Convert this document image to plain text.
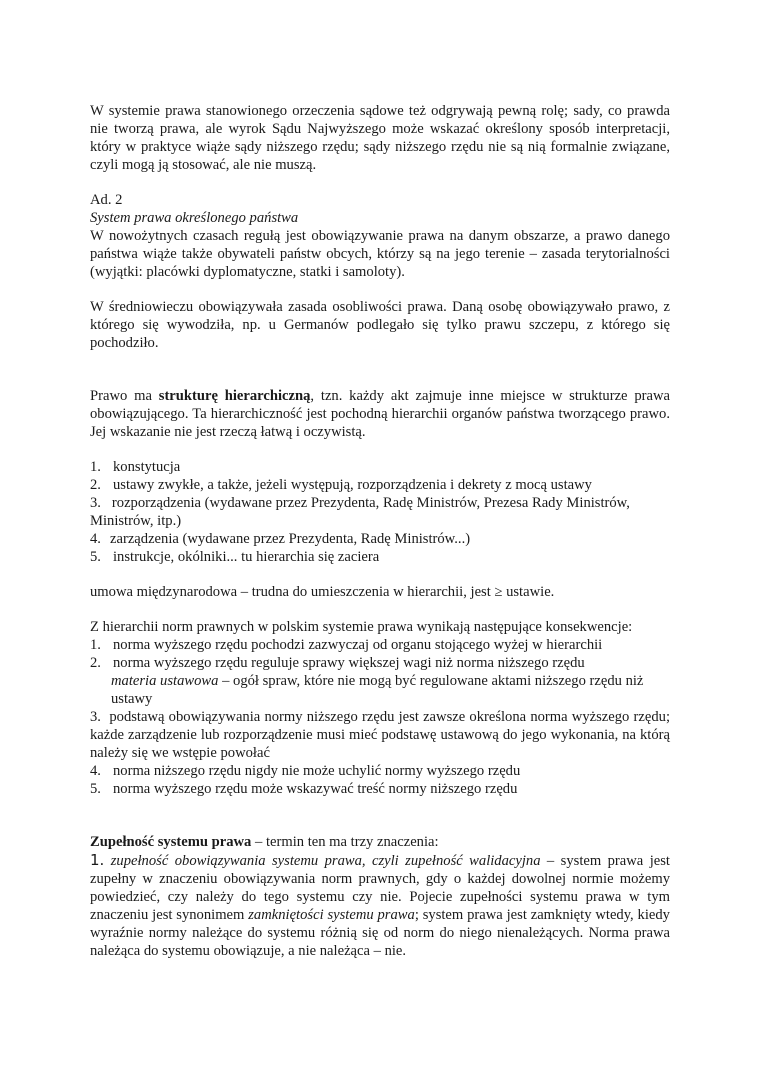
W systemie prawa stanowionego orzeczenia sądowe też odgrywają pewną rolę; sady, co prawda nie tworzą prawa, ale wyrok Sądu Najwyższego może wskazać określony sposób interpretacji, który w praktyce wiąże sądy niższego rzędu; sądy niższego rzędu nie są nią formalnie związane, czyli mogą ją stosować, ale nie muszą.

Ad. 2

System prawa określonego państwa

W nowożytnych czasach regułą jest obowiązywanie prawa na danym obszarze, a prawo danego państwa wiąże także obywateli państw obcych, którzy są na jego terenie – zasada terytorialności (wyjątki: placówki dyplomatyczne, statki i samoloty).

W średniowieczu obowiązywała zasada osobliwości prawa. Daną osobę obowiązywało prawo, z którego się wywodziła, np. u Germanów podlegało się tylko prawu szczepu, z którego się pochodziło.

Prawo ma strukturę hierarchiczną, tzn. każdy akt zajmuje inne miejsce w strukturze prawa obowiązującego. Ta hierarchiczność jest pochodną hierarchii organów państwa tworzącego prawo. Jej wskazanie nie jest rzeczą łatwą i oczywistą.

1. konstytucja
2. ustawy zwykłe, a także, jeżeli występują, rozporządzenia i dekrety z mocą ustawy
3. rozporządzenia (wydawane przez Prezydenta, Radę Ministrów, Prezesa Rady Ministrów, Ministrów, itp.)
4. zarządzenia (wydawane przez Prezydenta, Radę Ministrów...)
5. instrukcje, okólniki... tu hierarchia się zaciera

umowa międzynarodowa – trudna do umieszczenia w hierarchii, jest ≥ ustawie.

Z hierarchii norm prawnych w polskim systemie prawa wynikają następujące konsekwencje:

1. norma wyższego rzędu pochodzi zazwyczaj od organu stojącego wyżej w hierarchii
2. norma wyższego rzędu reguluje sprawy większej wagi niż norma niższego rzędu
materia ustawowa – ogół spraw, które nie mogą być regulowane aktami niższego rzędu niż ustawy

3. podstawą obowiązywania normy niższego rzędu jest zawsze określona norma wyższego rzędu; każde zarządzenie lub rozporządzenie musi mieć podstawę ustawową do jego wykonania, na którą należy się we wstępie powołać

4. norma niższego rzędu nigdy nie może uchylić normy wyższego rzędu
5. norma wyższego rzędu może wskazywać treść normy niższego rzędu

Zupełność systemu prawa – termin ten ma trzy znaczenia:

1. zupełność obowiązywania systemu prawa, czyli zupełność walidacyjna – system prawa jest zupełny w znaczeniu obowiązywania norm prawnych, gdy o każdej dowolnej normie możemy powiedzieć, czy należy do tego systemu czy nie. Pojecie zupełności systemu prawa w tym znaczeniu jest synonimem zamkniętości systemu prawa; system prawa jest zamknięty wtedy, kiedy wyraźnie normy należące do systemu różnią się od norm do niego nienależących. Norma prawa należąca do systemu obowiązuje, a nie należąca – nie.
